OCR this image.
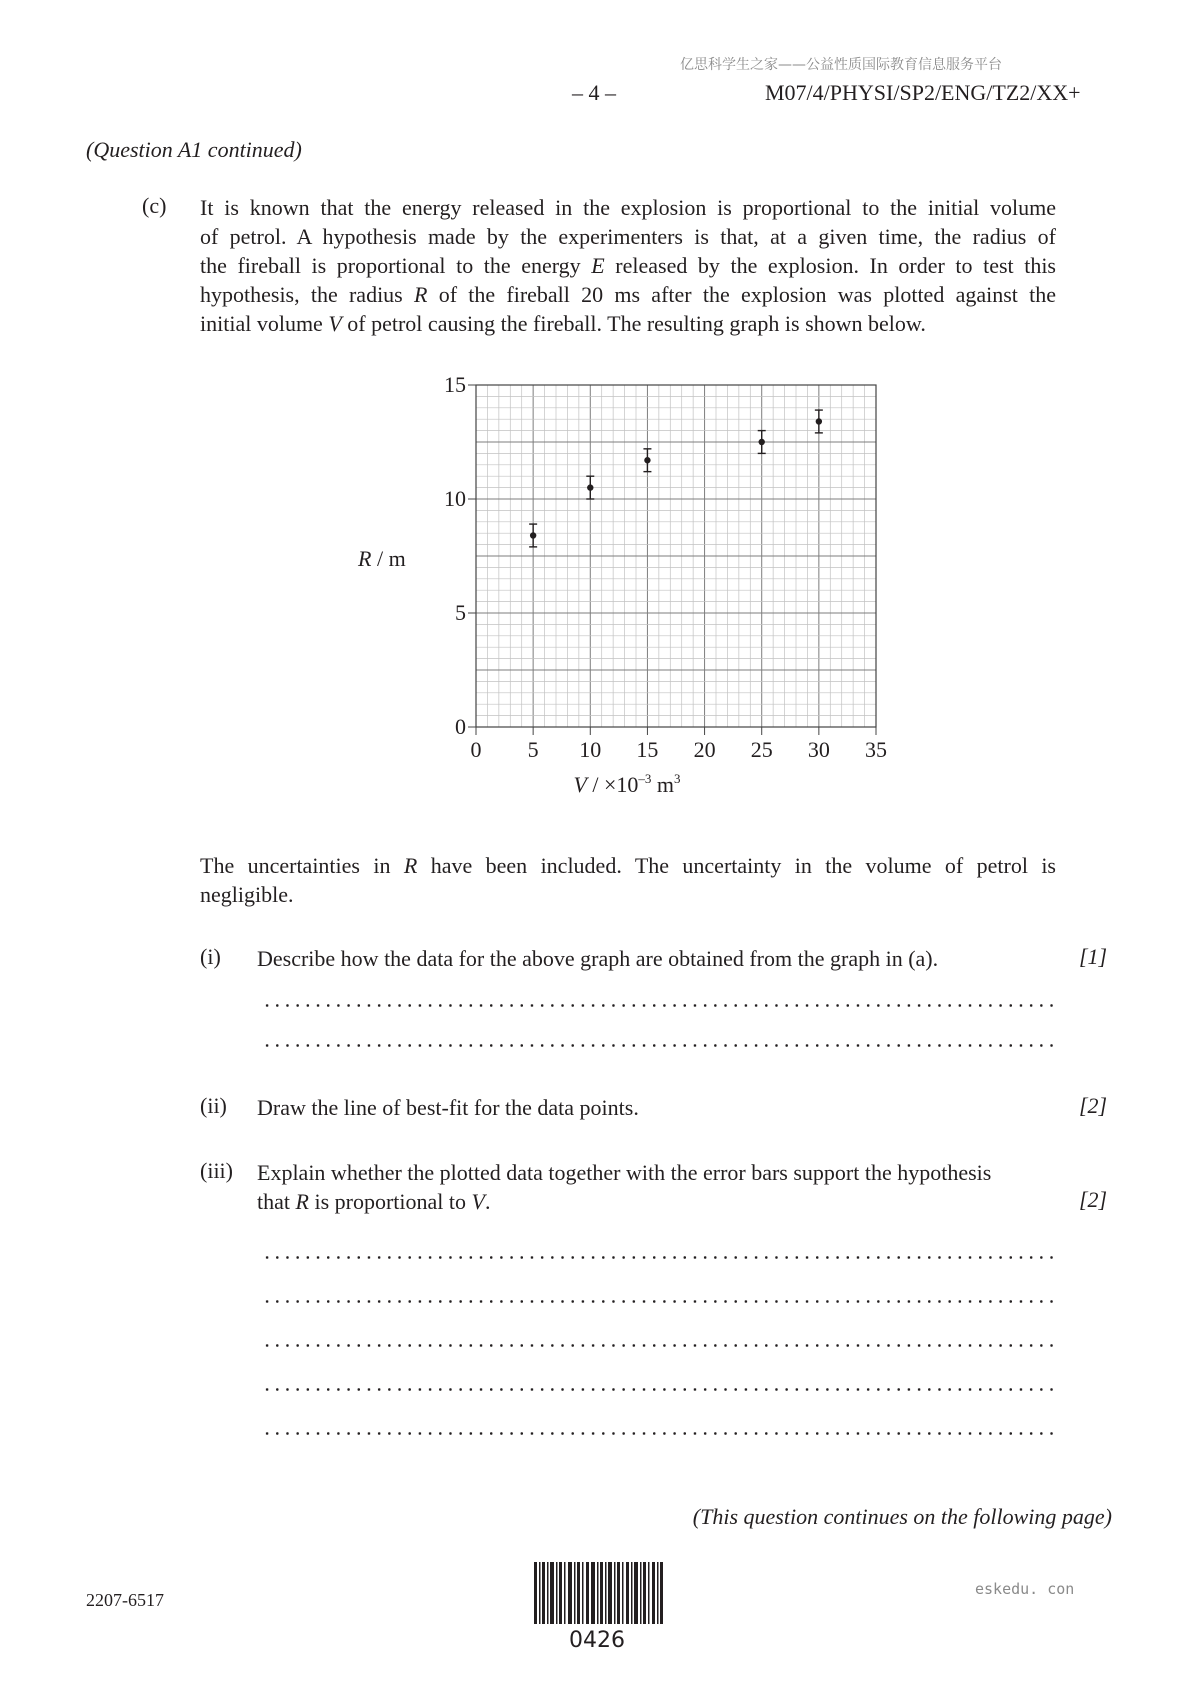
亿思科学生之家——公益性质国际教育信息服务平台
– 4 –	M07/4/PHYSI/SP2/ENG/TZ2/XX+
(Question A1 continued)
(c) It is known that the energy released in the explosion is proportional to the initial volume
of petrol. A hypothesis made by the experimenters is that, at a given time, the radius of
the fireball is proportional to the energy E released by the explosion. In order to test this
hypothesis, the radius R of the fireball 20 ms after the explosion was plotted against the
initial volume V of petrol causing the fireball. The resulting graph is shown below.
0 5 10 15 20 25 30 35
0
5
10
15
R / m
$V / \times 10^{-3}$ $m^3$
The uncertainties in R have been included. The uncertainty in the volume of petrol is
negligible.
(i) Describe how the data for the above graph are obtained from the graph in (a).	[1]
(ii) Draw the line of best-fit for the data points.	[2]
(iii) Explain whether the plotted data together with the error bars support the hypothesis
that R is proportional to V.	[2]
(This question continues on the following page)
2207-6517
0426
eskedu. con
